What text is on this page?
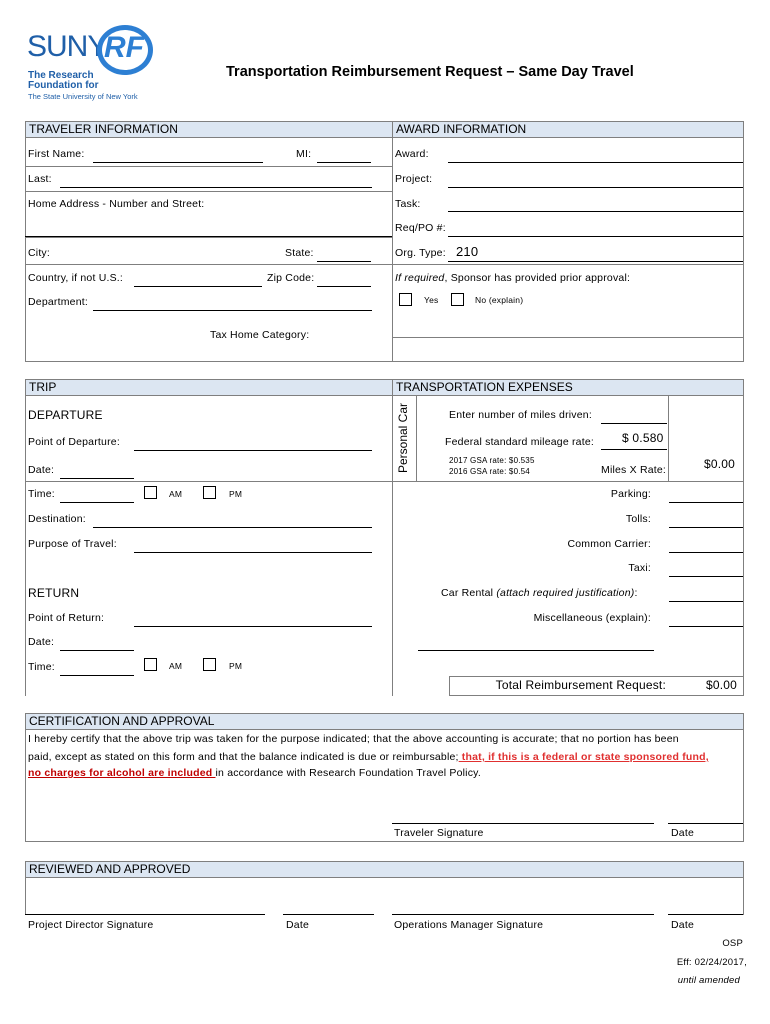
SUNY
RF
The Research
Foundation for
The State University of New York
Transportation Reimbursement Request – Same Day Travel
TRAVELER INFORMATION
First Name:	MI:
Last:
Home Address - Number and Street:
City:	State:
Country, if not U.S.:	Zip Code:
Department:
Tax Home Category:
AWARD INFORMATION
Award:
Project:
Task:
Req/PO #:
Org. Type: 210
If required, Sponsor has provided prior approval:
Yes	No (explain)
TRIP
DEPARTURE
Point of Departure:
Date:
Time:	AM	PM
Destination:
Purpose of Travel:
RETURN
Point of Return:
Date:
Time:	AM	PM
TRANSPORTATION EXPENSES
Personal Car	Enter number of miles driven:
Federal standard mileage rate: $ 0.580
2017 GSA rate: $0.535
2016 GSA rate: $0.54	Miles X Rate:	$0.00
Parking:
Tolls:
Common Carrier:
Taxi:
Car Rental (attach required justification):
Miscellaneous (explain):
Total Reimbursement Request:	$0.00
CERTIFICATION AND APPROVAL
I hereby certify that the above trip was taken for the purpose indicated; that the above accounting is accurate; that no portion has been
paid, except as stated on this form and that the balance indicated is due or reimbursable; that, if this is a federal or state sponsored fund,
no charges for alcohol are included in accordance with Research Foundation Travel Policy.
Traveler Signature	Date
REVIEWED AND APPROVED
Project Director Signature	Date	Operations Manager Signature	Date
OSP
Eff: 02/24/2017,
until amended
